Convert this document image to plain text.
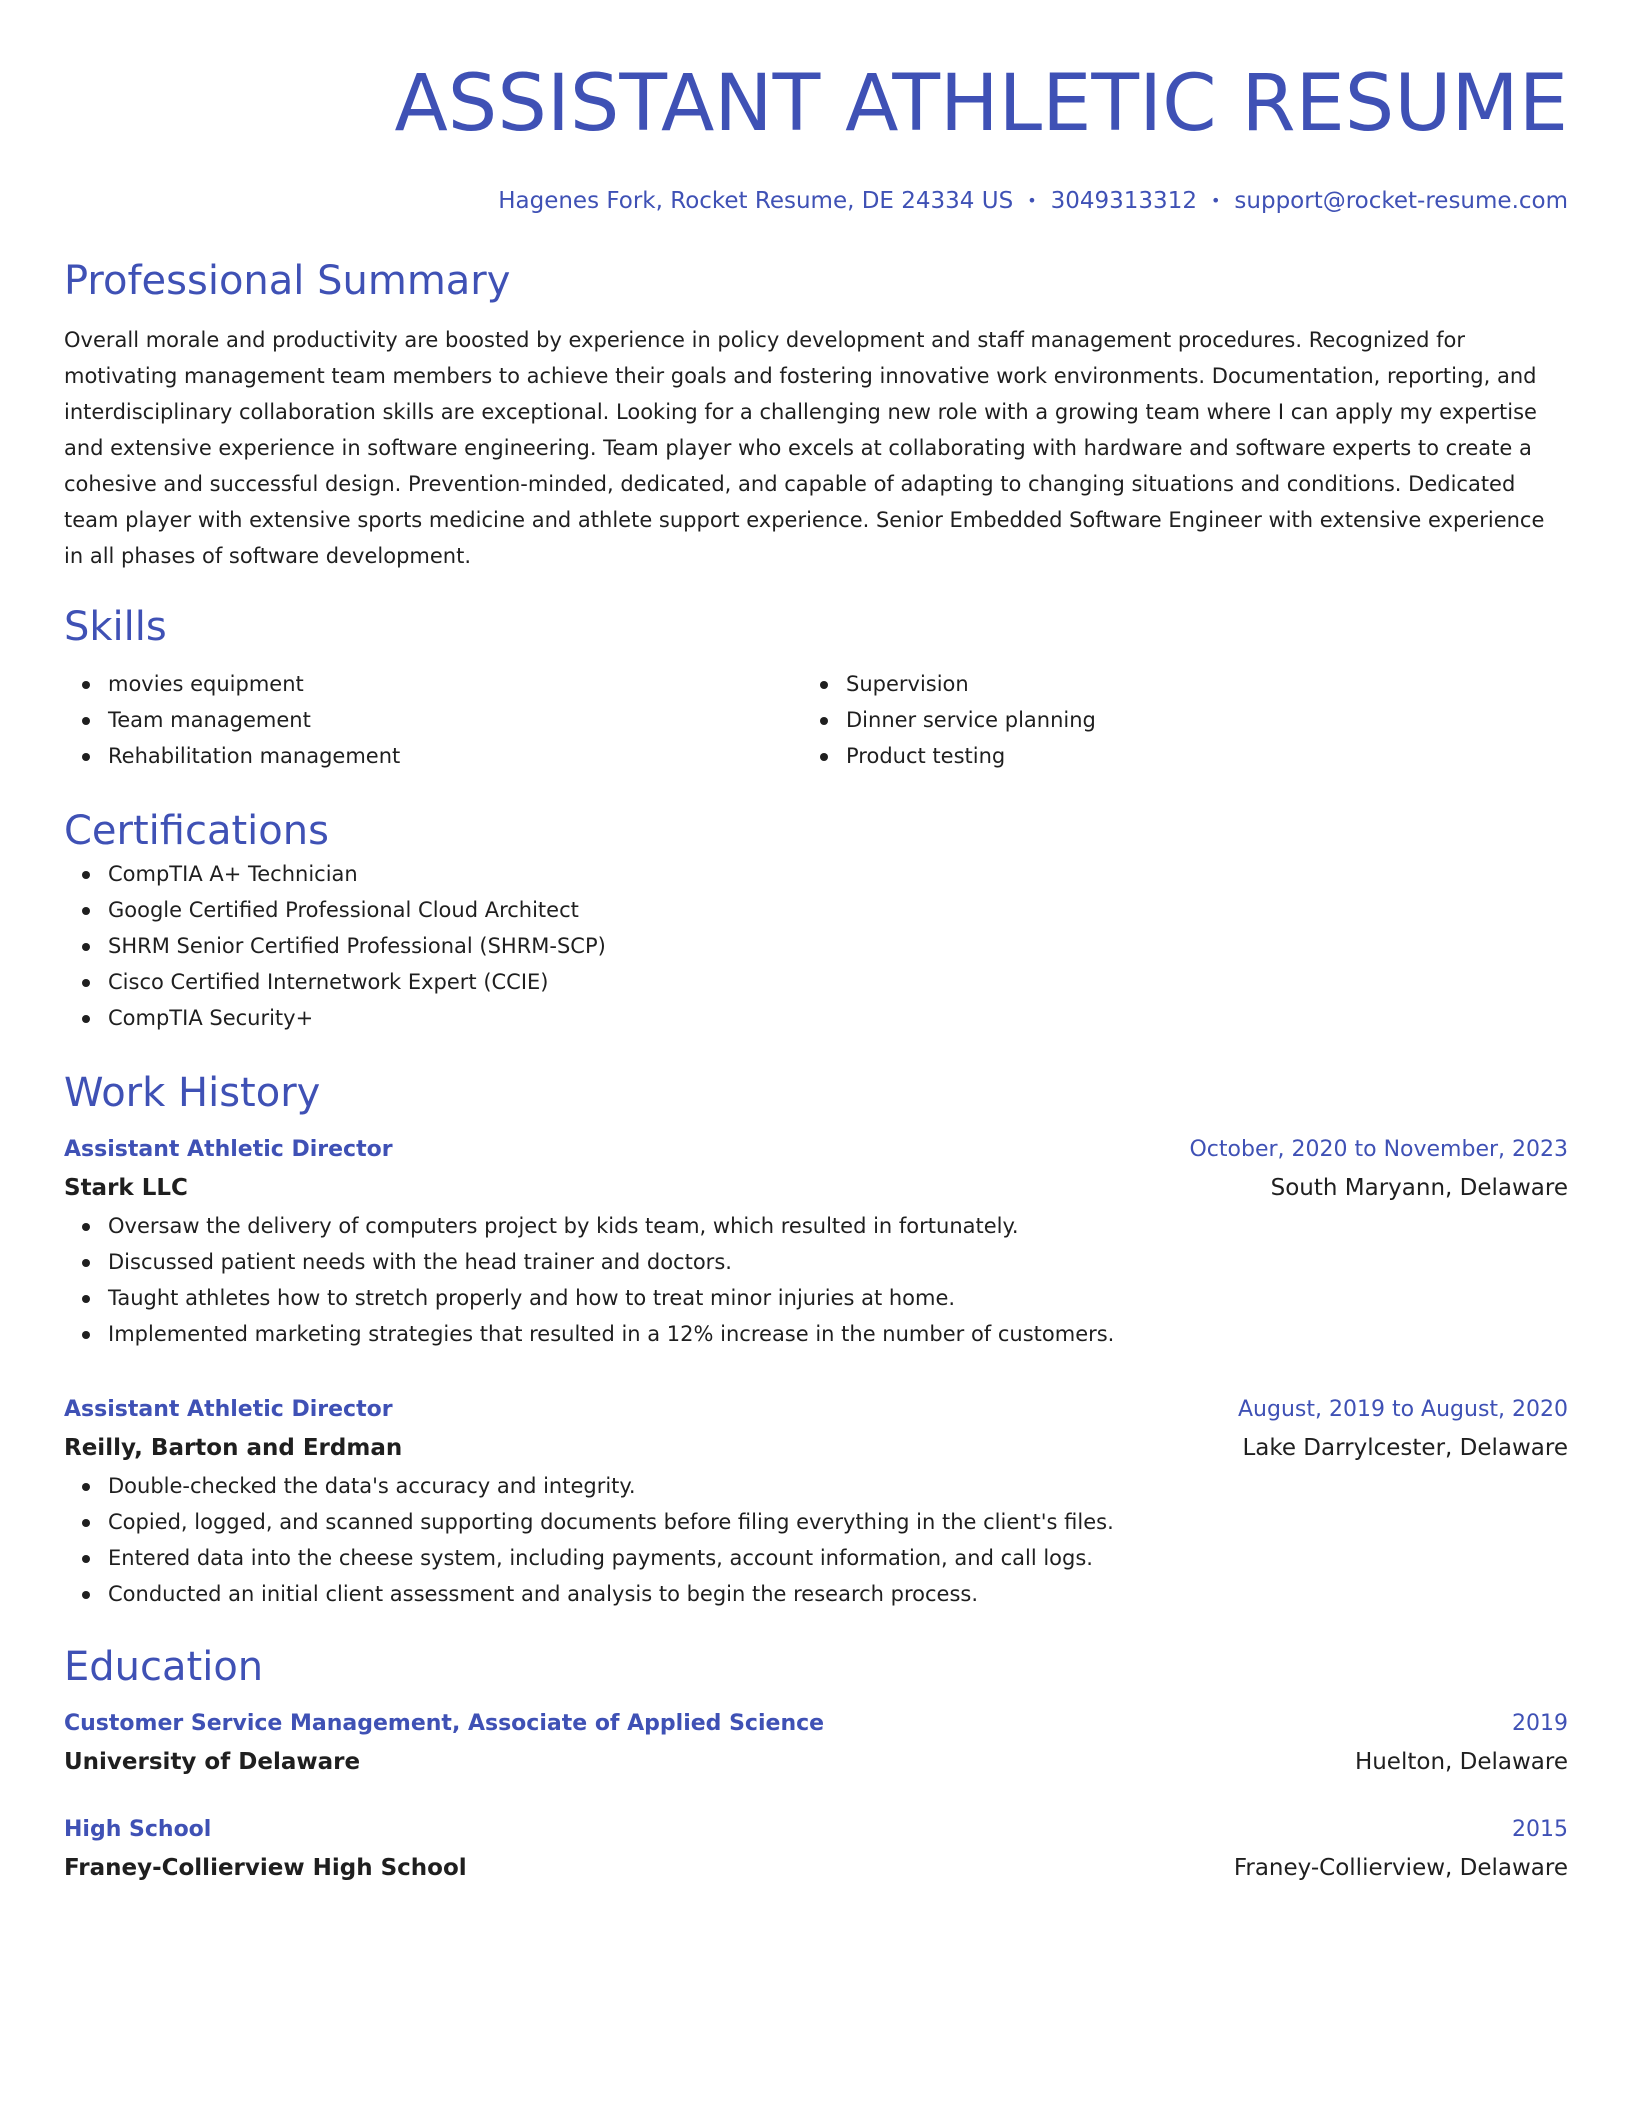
ASSISTANT ATHLETIC RESUME
Hagenes Fork, Rocket Resume, DE 24334 US • 3049313312 • support@rocket-resume.com
Professional Summary

Overall morale and productivity are boosted by experience in policy development and staff management procedures. Recognized for motivating management team members to achieve their goals and fostering innovative work environments. Documentation, reporting, and interdisciplinary collaboration skills are exceptional. Looking for a challenging new role with a growing team where I can apply my expertise and extensive experience in software engineering. Team player who excels at collaborating with hardware and software experts to create a cohesive and successful design. Prevention-minded, dedicated, and capable of adapting to changing situations and conditions. Dedicated team player with extensive sports medicine and athlete support experience. Senior Embedded Software Engineer with extensive experience in all phases of software development.

Skills
movies equipment
Team management
Rehabilitation management
Supervision
Dinner service planning
Product testing
Certifications
CompTIA A+ Technician
Google Certified Professional Cloud Architect
SHRM Senior Certified Professional (SHRM-SCP)
Cisco Certified Internetwork Expert (CCIE)
CompTIA Security+
Work History
Assistant Athletic Director	October, 2020 to November, 2023
Stark LLC	South Maryann, Delaware
Oversaw the delivery of computers project by kids team, which resulted in fortunately.
Discussed patient needs with the head trainer and doctors.
Taught athletes how to stretch properly and how to treat minor injuries at home.
Implemented marketing strategies that resulted in a 12% increase in the number of customers.
Assistant Athletic Director	August, 2019 to August, 2020
Reilly, Barton and Erdman	Lake Darrylcester, Delaware
Double-checked the data's accuracy and integrity.
Copied, logged, and scanned supporting documents before filing everything in the client's files.
Entered data into the cheese system, including payments, account information, and call logs.
Conducted an initial client assessment and analysis to begin the research process.
Education
Customer Service Management, Associate of Applied Science	2019
University of Delaware	Huelton, Delaware
High School	2015
Franey-Collierview High School	Franey-Collierview, Delaware
